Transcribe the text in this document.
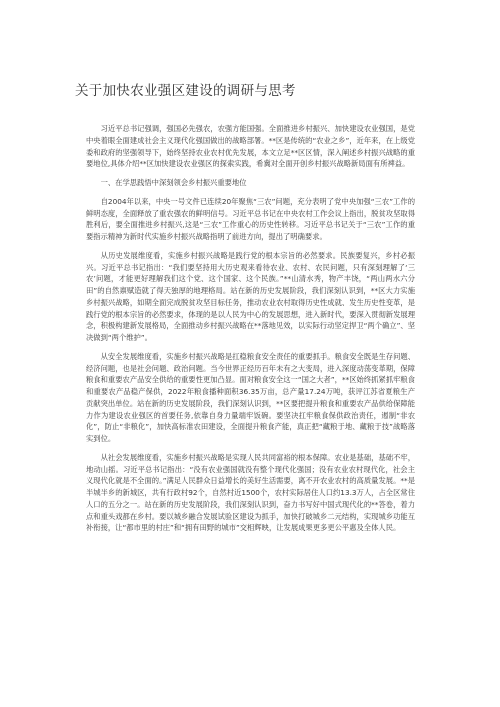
关于加快农业强区建设的调研与思考

习近平总书记强调，强国必先强农，农强方能国强。全面推进乡村振兴、加快建设农业强国，是党中央着眼全面建成社会主义现代化强国做出的战略部署。**区是传统的“农业之乡”，近年来，在上级党委和政府的坚强领导下，始终坚持农业农村优先发展，本文立足**区区情，深入阐述乡村振兴战略的重要地位,具体介绍**区加快建设农业强区的探索实践，希冀对全面开创乡村振兴战略新局面有所裨益。

一、在学思践悟中深刻领会乡村振兴重要地位

自2004年以来，中央一号文件已连续20年聚焦“三农”问题，充分表明了党中央加强“三农”工作的鲜明态度，全面释放了重农强农的鲜明信号。习近平总书记在中央农村工作会议上指出，脱贫攻坚取得胜利后，要全面推进乡村振兴,这是“三农”工作重心的历史性转移。习近平总书记关于“三农”工作的重要指示精神为新时代实施乡村振兴战略指明了前进方向，提出了明确要求。

从历史发展维度看，实施乡村振兴战略是践行党的根本宗旨的必然要求。民族要复兴，乡村必振兴。习近平总书记指出：“我们要坚持用大历史观来看待农业、农村、农民问题，只有深刻理解了‘三农’问题，才能更好理解我们这个党、这个国家、这个民族。”**山清水秀，物产丰饶，“两山两水六分田”的自然禀赋造就了得天独厚的地理格局。站在新的历史发展阶段，我们深刻认识到，**区大力实施乡村振兴战略，如期全面完成脱贫攻坚目标任务，推动农业农村取得历史性成就、发生历史性变革，是践行党的根本宗旨的必然要求，体现的是以人民为中心的发展思想，进入新时代，要深入贯彻新发展理念，积极构建新发展格局，全面推动乡村振兴战略在**落地见效，以实际行动坚定捍卫“两个确立”、坚决做到“两个维护”。

从安全发展维度看，实施乡村振兴战略是扛稳粮食安全责任的重要抓手。粮食安全既是生存问题、经济问题，也是社会问题、政治问题。当今世界正经历百年未有之大变局，进入深度动荡变革期，保障粮食和重要农产品安全供给的重要性更加凸显。面对粮食安全这一“国之大者”，**区始终抓紧抓牢粮食和重要农产品稳产保供，2022年粮食播种面积36.35万亩，总产量17.24万吨，获评江苏省夏粮生产贡献突出单位。站在新的历史发展阶段，我们深刻认识到，**区要把提升粮食和重要农产品供给保障能力作为建设农业强区的首要任务,依靠自身力量端牢饭碗。要坚决扛牢粮食保供政治责任，遏制“非农化”，防止“非粮化”，加快高标准农田建设，全面提升粮食产能，真正把“藏粮于地、藏粮于技”战略落实到位。

从社会发展维度看，实施乡村振兴战略是实现人民共同富裕的根本保障。农业是基础，基础不牢，地动山摇。习近平总书记指出：“没有农业强国就没有整个现代化强国；没有农业农村现代化，社会主义现代化就是不全面的。”满足人民群众日益增长的美好生活需要，离不开农业农村的高质量发展。**是半城半乡的新城区，共有行政村92个，自然村近1500个，农村实际居住人口约13.3万人，占全区常住人口的五分之一。站在新的历史发展阶段，我们深刻认识到，奋力书写好中国式现代化的**答卷，着力点和重头戏都在乡村。要以城乡融合发展试验区建设为抓手，加快打破城乡二元结构，实现城乡功能互补衔接，让“都市里的村庄”和“拥有田野的城市”交相辉映，让发展成果更多更公平惠及全体人民。
